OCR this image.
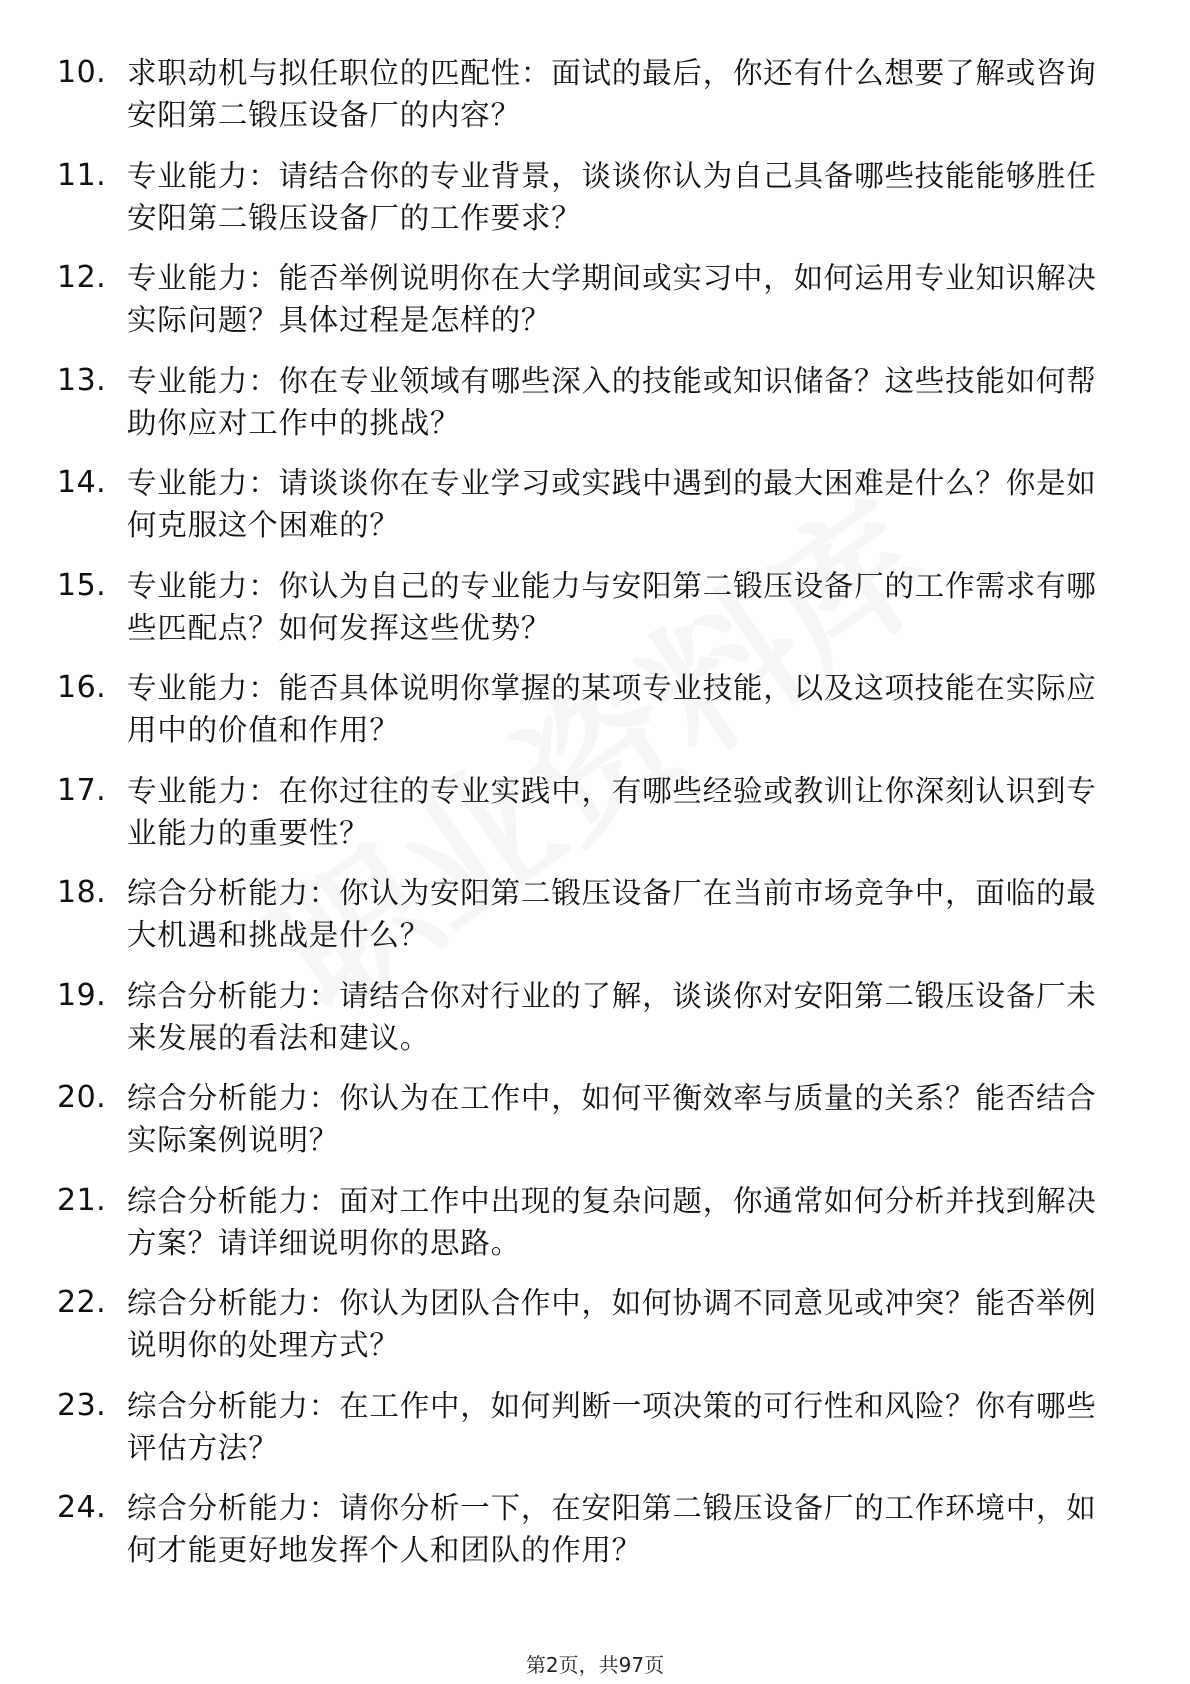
10. 求职动机与拟任职位的匹配性：面试的最后，你还有什么想要了解或咨询安阳第二锻压设备厂的内容？
11. 专业能力：请结合你的专业背景，谈谈你认为自己具备哪些技能能够胜任安阳第二锻压设备厂的工作要求？
12. 专业能力：能否举例说明你在大学期间或实习中，如何运用专业知识解决实际问题？具体过程是怎样的？
13. 专业能力：你在专业领域有哪些深入的技能或知识储备？这些技能如何帮助你应对工作中的挑战？
14. 专业能力：请谈谈你在专业学习或实践中遇到的最大困难是什么？你是如何克服这个困难的？
15. 专业能力：你认为自己的专业能力与安阳第二锻压设备厂的工作需求有哪些匹配点？如何发挥这些优势？
16. 专业能力：能否具体说明你掌握的某项专业技能，以及这项技能在实际应用中的价值和作用？
17. 专业能力：在你过往的专业实践中，有哪些经验或教训让你深刻认识到专业能力的重要性？
18. 综合分析能力：你认为安阳第二锻压设备厂在当前市场竞争中，面临的最大机遇和挑战是什么？
19. 综合分析能力：请结合你对行业的了解，谈谈你对安阳第二锻压设备厂未来发展的看法和建议。
20. 综合分析能力：你认为在工作中，如何平衡效率与质量的关系？能否结合实际案例说明？
21. 综合分析能力：面对工作中出现的复杂问题，你通常如何分析并找到解决方案？请详细说明你的思路。
22. 综合分析能力：你认为团队合作中，如何协调不同意见或冲突？能否举例说明你的处理方式？
23. 综合分析能力：在工作中，如何判断一项决策的可行性和风险？你有哪些评估方法？
24. 综合分析能力：请你分析一下，在安阳第二锻压设备厂的工作环境中，如何才能更好地发挥个人和团队的作用？
第2页，共97页
